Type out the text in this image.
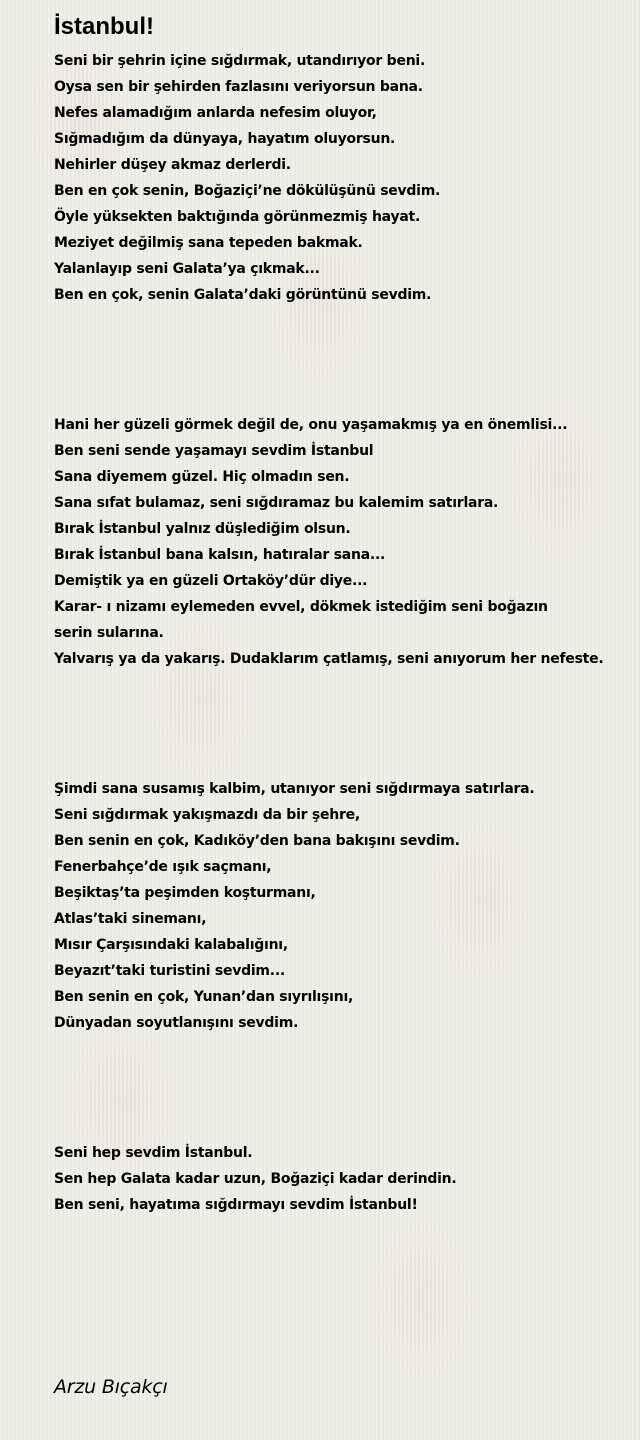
İstanbul!
Seni bir şehrin içine sığdırmak, utandırıyor beni.
Oysa sen bir şehirden fazlasını veriyorsun bana.
Nefes alamadığım anlarda nefesim oluyor,
Sığmadığım da dünyaya, hayatım oluyorsun.
Nehirler düşey akmaz derlerdi.
Ben en çok senin, Boğaziçi’ne dökülüşünü sevdim.
Öyle yüksekten baktığında görünmezmiş hayat.
Meziyet değilmiş sana tepeden bakmak.
Yalanlayıp seni Galata’ya çıkmak...
Ben en çok, senin Galata’daki görüntünü sevdim.
Hani her güzeli görmek değil de, onu yaşamakmış ya en önemlisi...
Ben seni sende yaşamayı sevdim İstanbul
Sana diyemem güzel. Hiç olmadın sen.
Sana sıfat bulamaz, seni sığdıramaz bu kalemim satırlara.
Bırak İstanbul yalnız düşlediğim olsun.
Bırak İstanbul bana kalsın, hatıralar sana...
Demiştik ya en güzeli Ortaköy’dür diye...
Karar- ı nizamı eylemeden evvel, dökmek istediğim seni boğazın
serin sularına.
Yalvarış ya da yakarış. Dudaklarım çatlamış, seni anıyorum her nefeste.
Şimdi sana susamış kalbim, utanıyor seni sığdırmaya satırlara.
Seni sığdırmak yakışmazdı da bir şehre,
Ben senin en çok, Kadıköy’den bana bakışını sevdim.
Fenerbahçe’de ışık saçmanı,
Beşiktaş’ta peşimden koşturmanı,
Atlas’taki sinemanı,
Mısır Çarşısındaki kalabalığını,
Beyazıt’taki turistini sevdim...
Ben senin en çok, Yunan’dan sıyrılışını,
Dünyadan soyutlanışını sevdim.
Seni hep sevdim İstanbul.
Sen hep Galata kadar uzun, Boğaziçi kadar derindin.
Ben seni, hayatıma sığdırmayı sevdim İstanbul!
Arzu Bıçakçı
